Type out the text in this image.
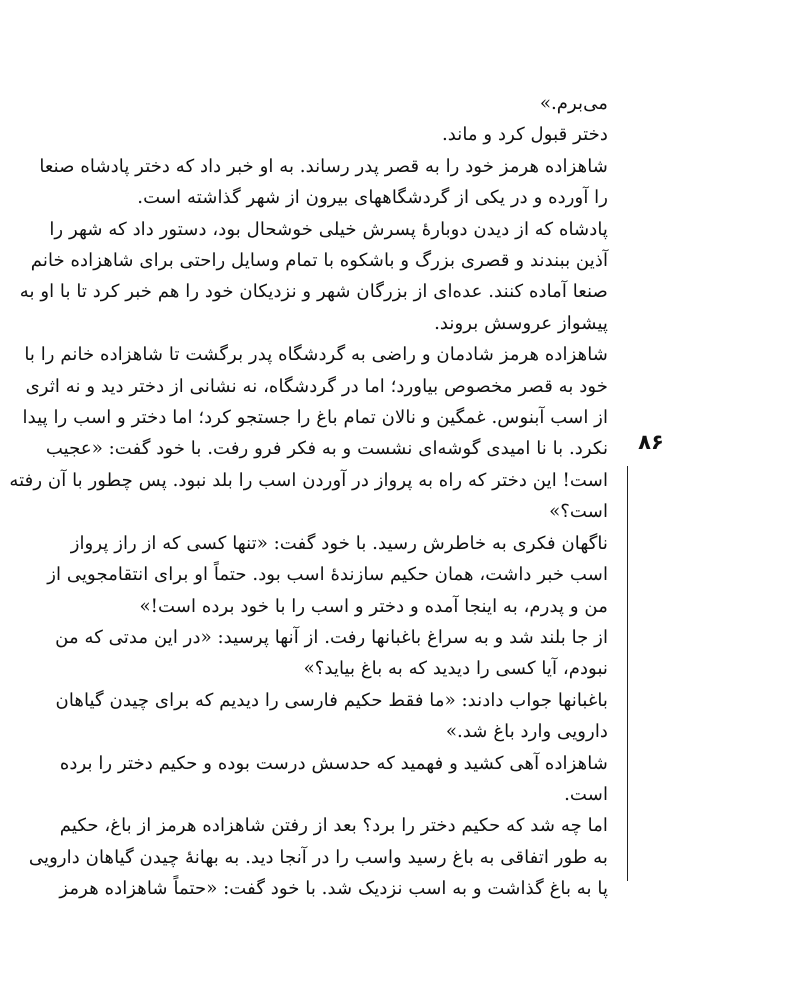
می‌برم.»
دختر قبول کرد و ماند.
شاهزاده هرمز خود را به قصر پدر رساند. به او خبر داد که دختر پادشاه صنعا
را آورده و در یکی از گردشگاههای بیرون از شهر گذاشته است.
پادشاه که از دیدن دوبارهٔ پسرش خیلی خوشحال بود، دستور داد که شهر را
آذین ببندند و قصری بزرگ و باشکوه با تمام وسایل راحتی برای شاهزاده خانم
صنعا آماده کنند. عده‌ای از بزرگان شهر و نزدیکان خود را هم خبر کرد تا با او به
پیشواز عروسش بروند.
شاهزاده هرمز شادمان و راضی به گردشگاه پدر برگشت تا شاهزاده خانم را با
خود به قصر مخصوص بیاورد؛ اما در گردشگاه، نه نشانی از دختر دید و نه اثری
از اسب آبنوس. غمگین و نالان تمام باغ را جستجو کرد؛ اما دختر و اسب را پیدا
نکرد. با نا امیدی گوشه‌ای نشست و به فکر فرو رفت. با خود گفت: «عجیب
است! این دختر که راه به پرواز در آوردن اسب را بلد نبود. پس چطور با آن رفته
است؟»
ناگهان فکری به خاطرش رسید. با خود گفت: «تنها کسی که از راز پرواز
اسب خبر داشت، همان حکیم سازندهٔ اسب بود. حتماً او برای انتقامجویی از
من و پدرم، به اینجا آمده و دختر و اسب را با خود برده است!»
از جا بلند شد و به سراغ باغبانها رفت. از آنها پرسید: «در این مدتی که من
نبودم، آیا کسی را دیدید که به باغ بیاید؟»
باغبانها جواب دادند: «ما فقط حکیم فارسی را دیدیم که برای چیدن گیاهان
دارویی وارد باغ شد.»
شاهزاده آهی کشید و فهمید که حدسش درست بوده و حکیم دختر را برده
است.
اما چه شد که حکیم دختر را برد؟ بعد از رفتن شاهزاده هرمز از باغ، حکیم
به طور اتفاقی به باغ رسید واسب را در آنجا دید. به بهانهٔ چیدن گیاهان دارویی
پا به باغ گذاشت و به اسب نزدیک شد. با خود گفت: «حتماً شاهزاده هرمز
۸۶
